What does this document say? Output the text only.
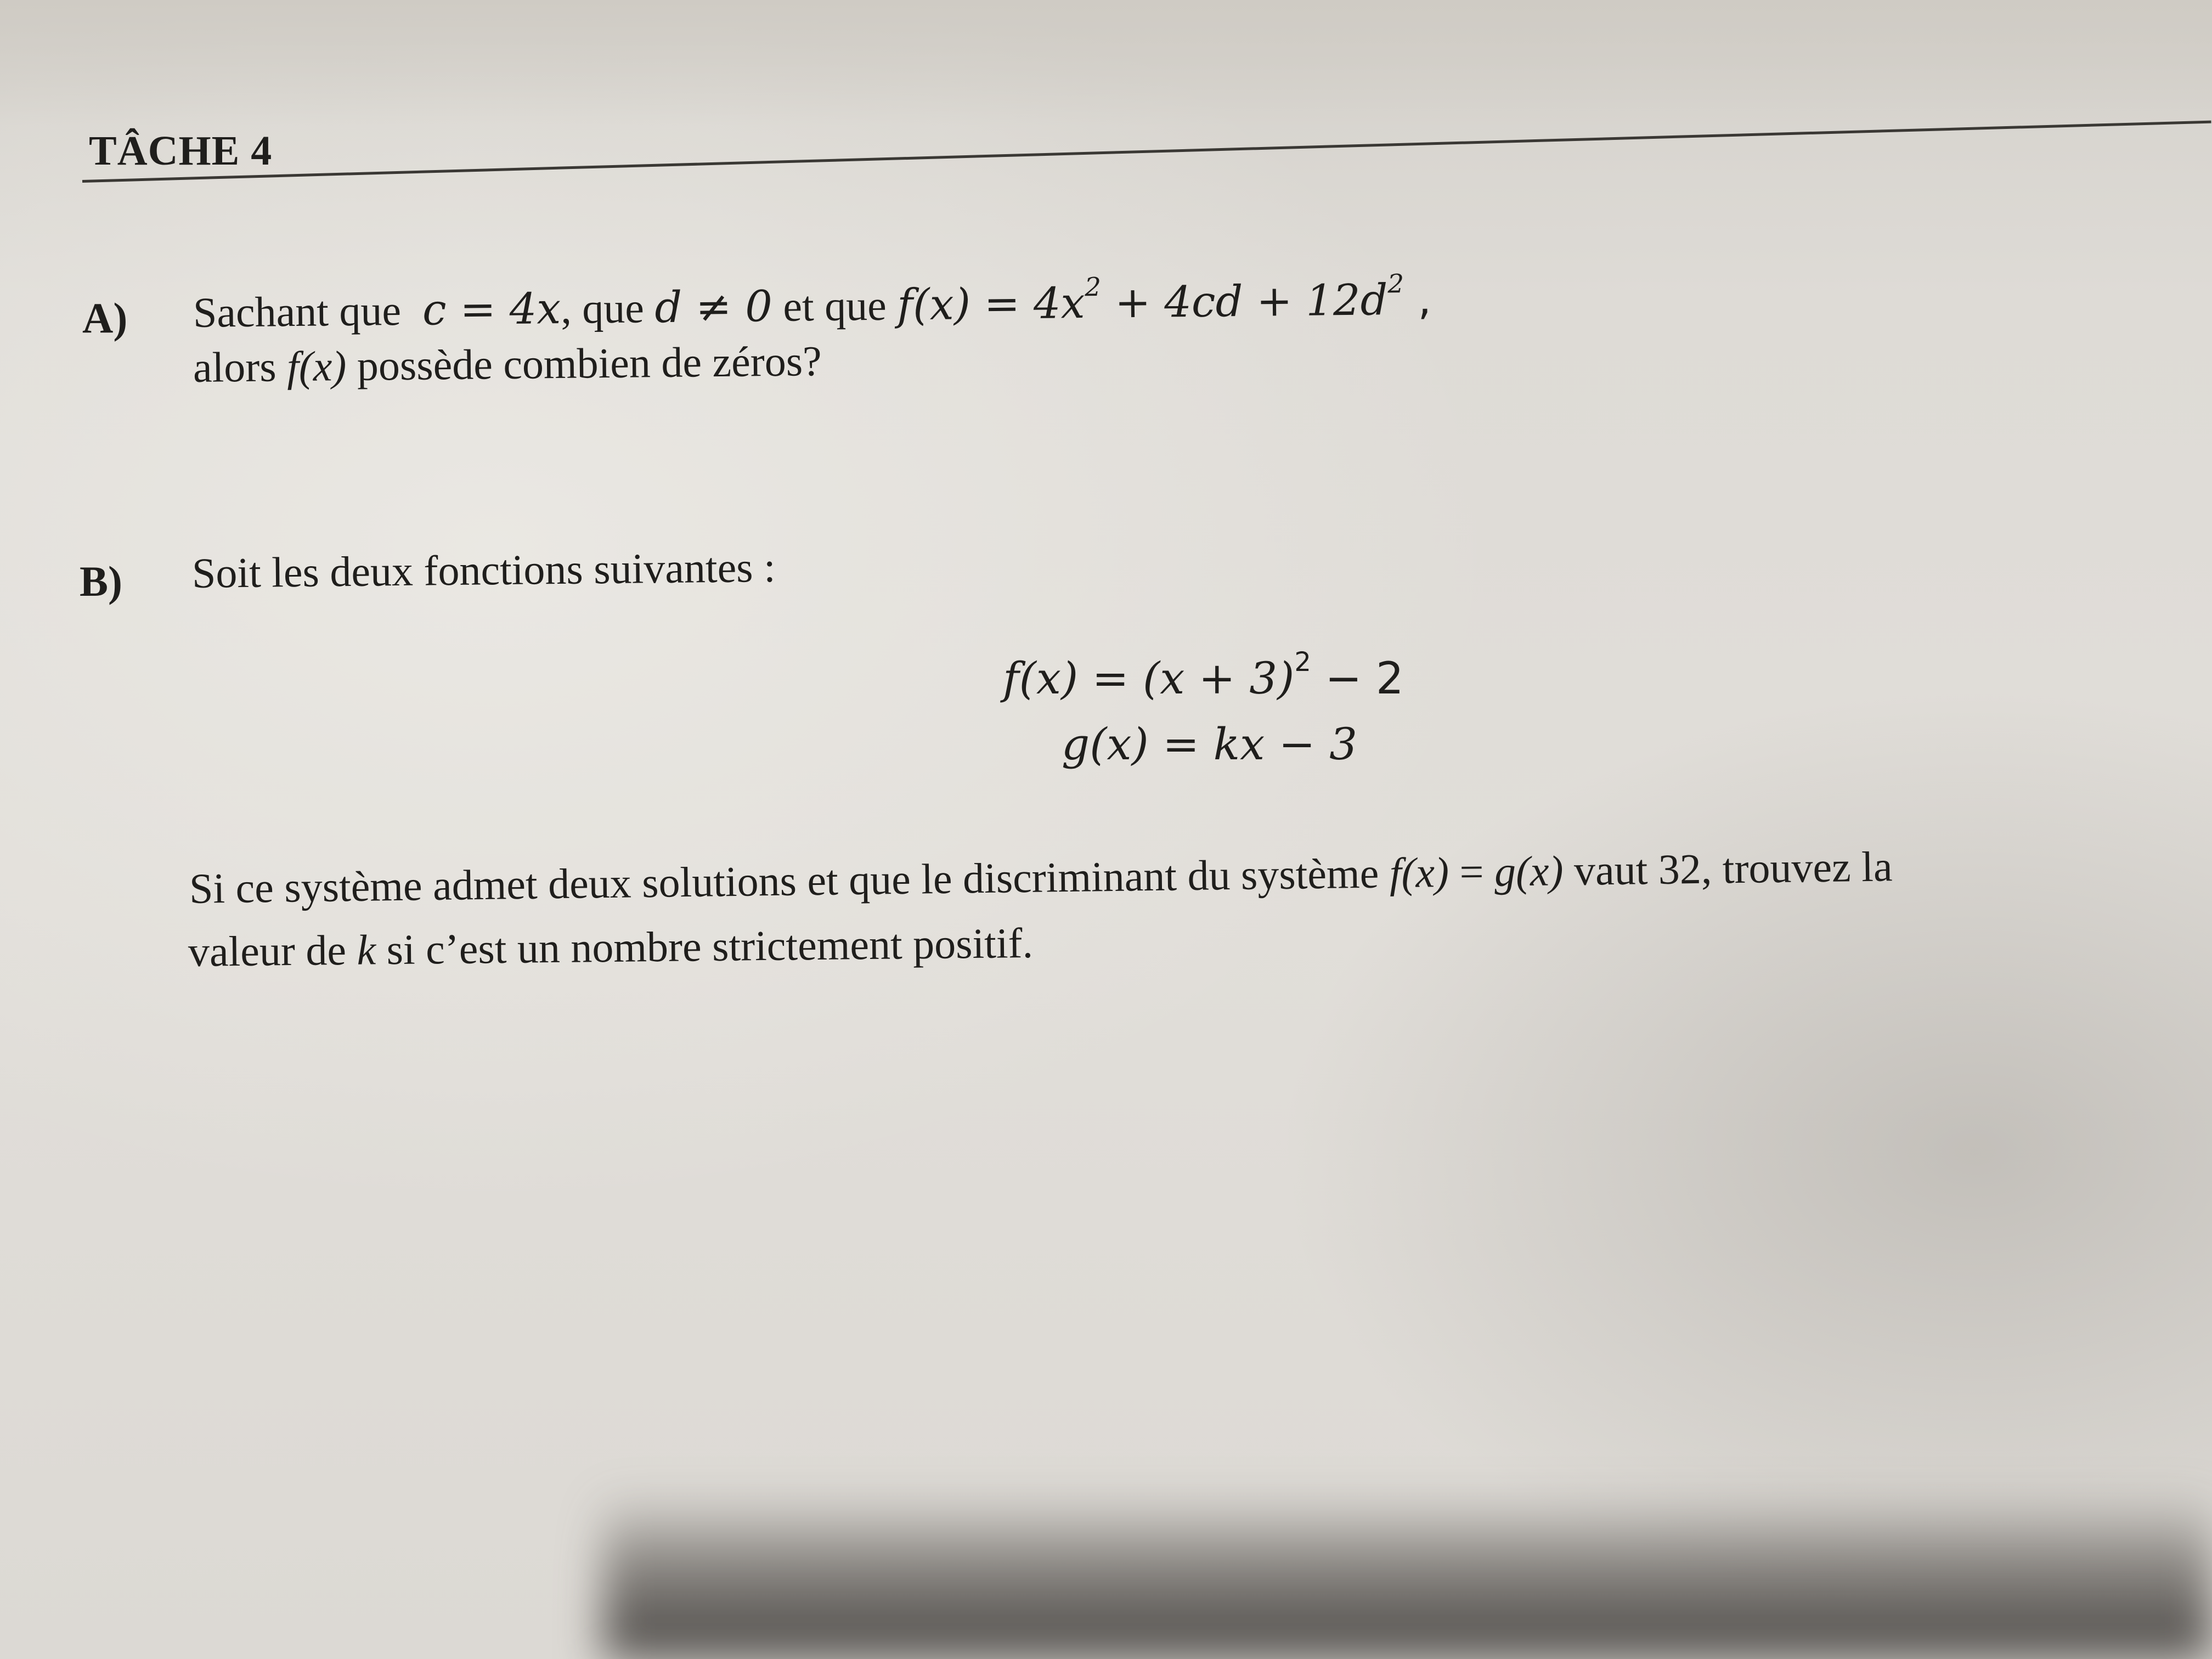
TÂCHE 4
A) Sachant que c = 4x, que d ≠ 0 et que $f(x) = 4x^2 + 4cd + 12d^2$ ,
alors f(x) possède combien de zéros?
B) Soit les deux fonctions suivantes :
$f(x) = (x + 3)^2 - 2$
g(x) = kx − 3
Si ce système admet deux solutions et que le discriminant du système f(x) = g(x) vaut 32, trouvez la
valeur de k si c’est un nombre strictement positif.
